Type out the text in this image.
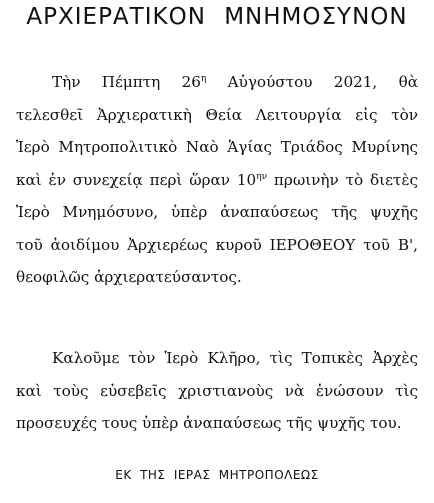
ΑΡΧΙΕΡΑΤΙΚΟΝ ΜΝΗΜΟΣΥΝΟΝ
Τὴν Πέμπτη $26^\eta$ Αὐγούστου 2021, θὰ
τελεσθεῖ Ἀρχιερατικὴ Θεία Λειτουργία εἰς τὸν
Ἱερὸ Μητροπολιτικὸ Ναὸ Ἁγίας Τριάδος Μυρίνης
καὶ ἐν συνεχείᾳ περὶ ὥραν $10^{\eta\nu}$ πρωινὴν τὸ διετὲς
Ἱερὸ Μνημόσυνο, ὑπὲρ ἀναπαύσεως τῆς ψυχῆς
τοῦ ἀοιδίμου Ἀρχιερέως κυροῦ ΙΕΡΟΘΕΟΥ τοῦ Β',
θεοφιλῶς ἀρχιερατεύσαντος.
Καλοῦμε τὸν Ἱερὸ Κλῆρο, τὶς Τοπικὲς Ἀρχὲς
καὶ τοὺς εὐσεβεῖς χριστιανοὺς νὰ ἑνώσουν τὶς
προσευχές τους ὑπὲρ ἀναπαύσεως τῆς ψυχῆς του.
ΕΚ ΤΗΣ ΙΕΡΑΣ ΜΗΤΡΟΠΟΛΕΩΣ
